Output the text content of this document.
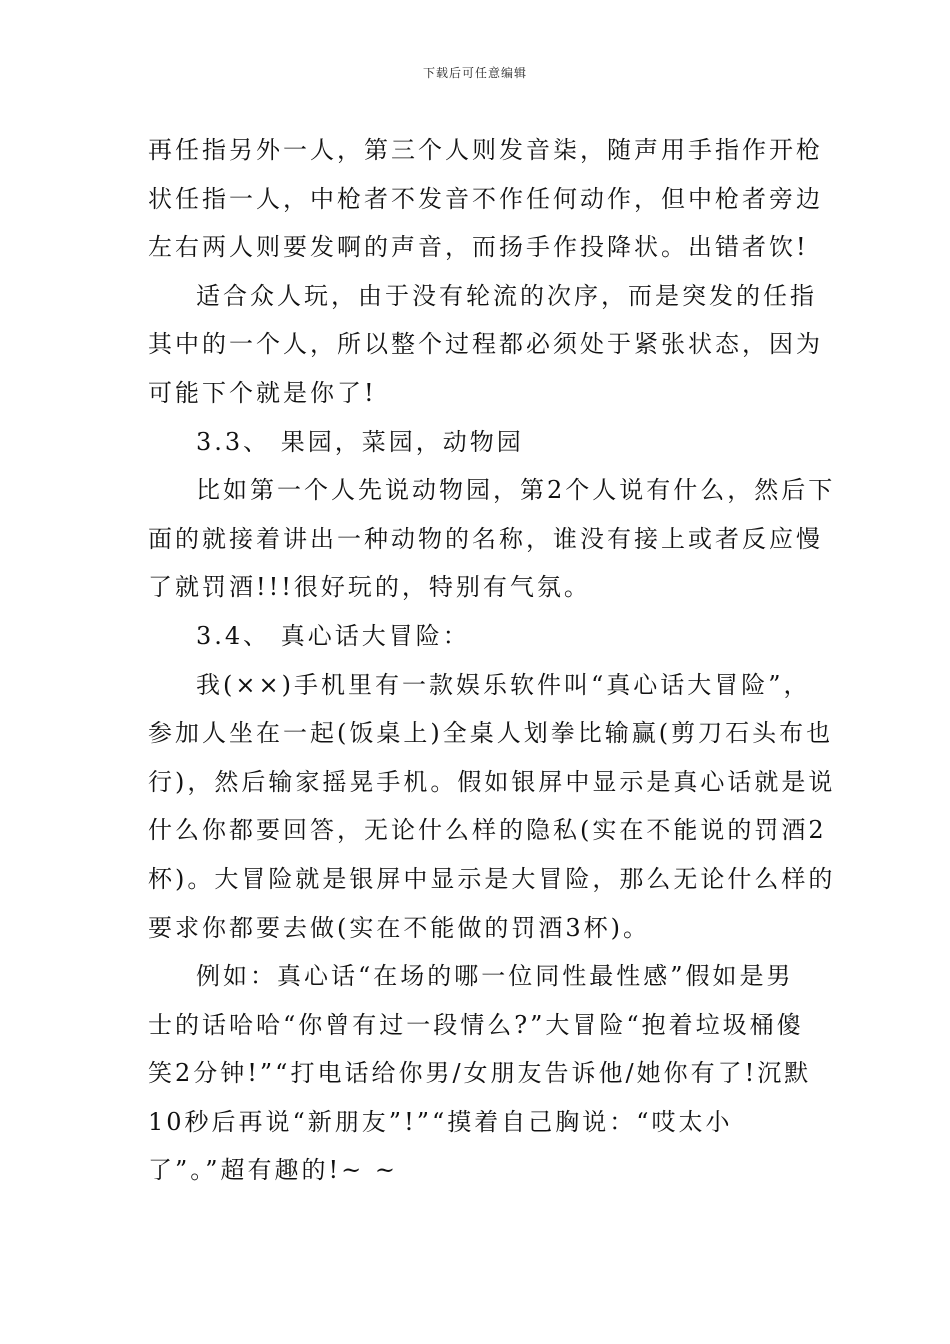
下载后可任意编辑
再任指另外一人，第三个人则发音柒，随声用手指作开枪
状任指一人，中枪者不发音不作任何动作，但中枪者旁边
左右两人则要发啊的声音，而扬手作投降状。出错者饮!
适合众人玩，由于没有轮流的次序，而是突发的任指
其中的一个人，所以整个过程都必须处于紧张状态，因为
可能下个就是你了!
3.3、 果园，菜园，动物园
比如第一个人先说动物园，第2个人说有什么，然后下
面的就接着讲出一种动物的名称，谁没有接上或者反应慢
了就罚酒!!!很好玩的，特别有气氛。
3.4、 真心话大冒险：
我(××)手机里有一款娱乐软件叫“真心话大冒险”，
参加人坐在一起(饭桌上)全桌人划拳比输赢(剪刀石头布也
行)，然后输家摇晃手机。假如银屏中显示是真心话就是说
什么你都要回答，无论什么样的隐私(实在不能说的罚酒2
杯)。大冒险就是银屏中显示是大冒险，那么无论什么样的
要求你都要去做(实在不能做的罚酒3杯)。
例如：真心话“在场的哪一位同性最性感”假如是男
士的话哈哈“你曾有过一段情么?”大冒险“抱着垃圾桶傻
笑2分钟!”“打电话给你男/女朋友告诉他/她你有了!沉默
10秒后再说“新朋友”!”“摸着自己胸说：“哎太小
了”。”超有趣的!~ ~
